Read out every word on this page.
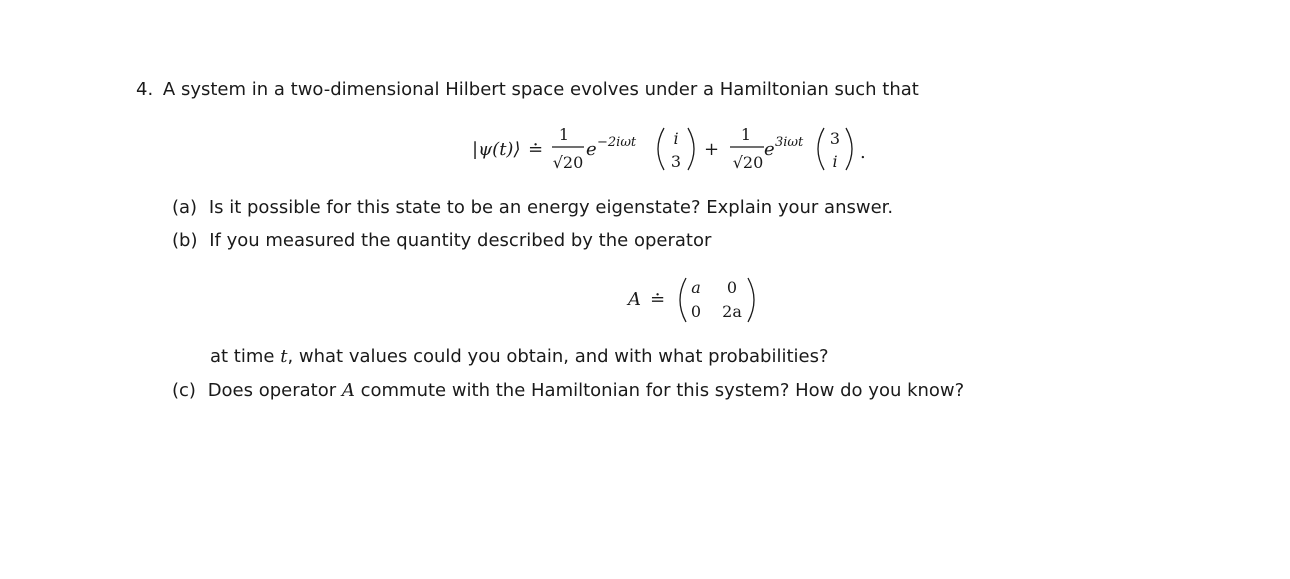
4. A system in a two-dimensional Hilbert space evolves under a Hamiltonian such that
|ψ(t)⟩ ≐
1
√20
e −2iωt i
3
+
1
√20
e 3iωt 3
i .
(a) Is it possible for this state to be an energy eigenstate? Explain your answer.
(b) If you measured the quantity described by the operator
A ≐
a 0
0 2a
at time t, what values could you obtain, and with what probabilities?
(c) Does operator A commute with the Hamiltonian for this system? How do you know?
